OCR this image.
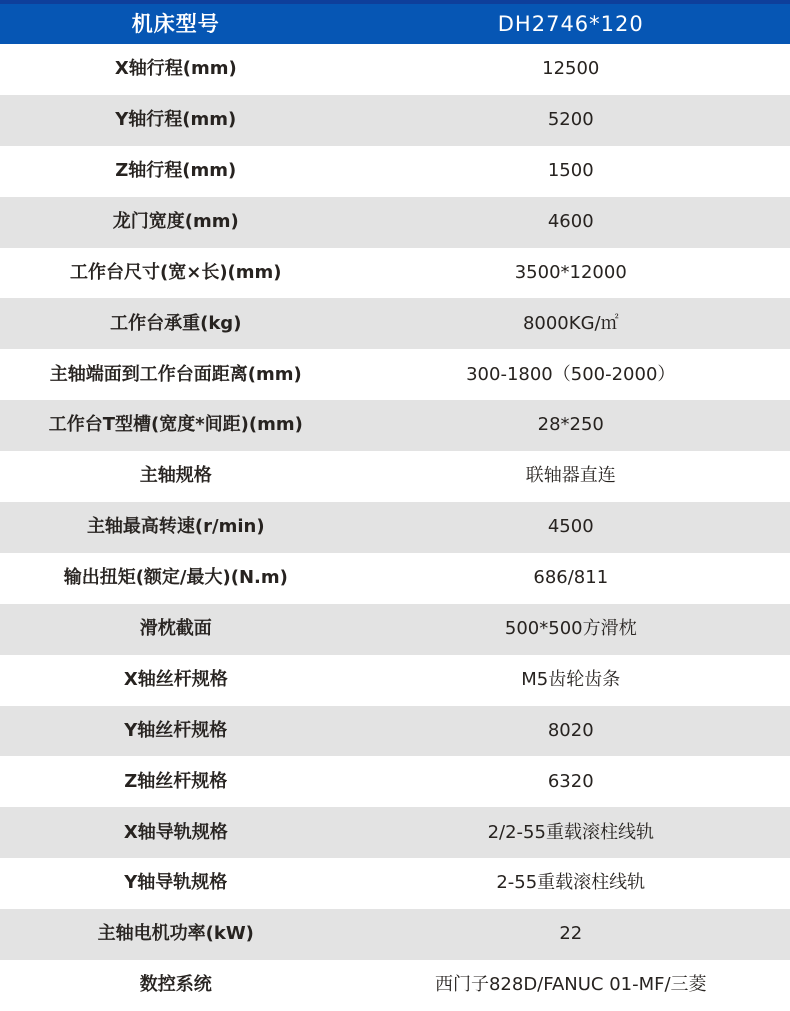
机床型号	DH2746*120
X轴行程(mm)	12500
Y轴行程(mm)	5200
Z轴行程(mm)	1500
龙门宽度(mm)	4600
工作台尺寸(宽×长)(mm)	3500*12000
工作台承重(kg)	8000KG/㎡
主轴端面到工作台面距离(mm)	300-1800（500-2000）
工作台T型槽(宽度*间距)(mm)	28*250
主轴规格	联轴器直连
主轴最高转速(r/min)	4500
输出扭矩(额定/最大)(N.m)	686/811
滑枕截面	500*500方滑枕
X轴丝杆规格	M5齿轮齿条
Y轴丝杆规格	8020
Z轴丝杆规格	6320
X轴导轨规格	2/2-55重载滚柱线轨
Y轴导轨规格	2-55重载滚柱线轨
主轴电机功率(kW)	22
数控系统	西门子828D/FANUC 01-MF/三菱
